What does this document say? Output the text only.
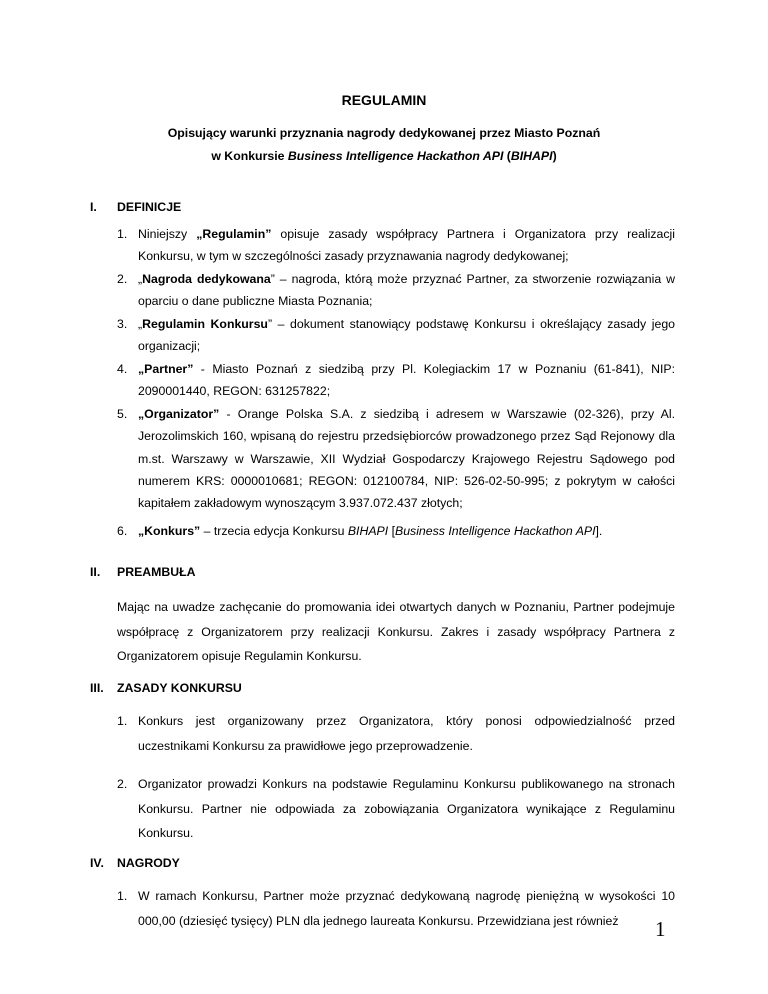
REGULAMIN
Opisujący warunki przyznania nagrody dedykowanej przez Miasto Poznań
w Konkursie Business Intelligence Hackathon API (BIHAPI)
I. DEFINICJE
1. Niniejszy „Regulamin” opisuje zasady współpracy Partnera i Organizatora przy realizacji Konkursu, w tym w szczególności zasady przyznawania nagrody dedykowanej;
2. „Nagroda dedykowana” – nagroda, którą może przyznać Partner, za stworzenie rozwiązania w oparciu o dane publiczne Miasta Poznania;
3. „Regulamin Konkursu” – dokument stanowiący podstawę Konkursu i określający zasady jego organizacji;
4. „Partner” - Miasto Poznań z siedzibą przy Pl. Kolegiackim 17 w Poznaniu (61-841), NIP: 2090001440, REGON: 631257822;
5. „Organizator” - Orange Polska S.A. z siedzibą i adresem w Warszawie (02-326), przy Al. Jerozolimskich 160, wpisaną do rejestru przedsiębiorców prowadzonego przez Sąd Rejonowy dla m.st. Warszawy w Warszawie, XII Wydział Gospodarczy Krajowego Rejestru Sądowego pod numerem KRS: 0000010681; REGON: 012100784, NIP: 526-02-50-995; z pokrytym w całości kapitałem zakładowym wynoszącym 3.937.072.437 złotych;
6. „Konkurs” – trzecia edycja Konkursu BIHAPI [Business Intelligence Hackathon API].
II. PREAMBUŁA
Mając na uwadze zachęcanie do promowania idei otwartych danych w Poznaniu, Partner podejmuje współpracę z Organizatorem przy realizacji Konkursu. Zakres i zasady współpracy Partnera z Organizatorem opisuje Regulamin Konkursu.
III. ZASADY KONKURSU
1. Konkurs jest organizowany przez Organizatora, który ponosi odpowiedzialność przed uczestnikami Konkursu za prawidłowe jego przeprowadzenie.
2. Organizator prowadzi Konkurs na podstawie Regulaminu Konkursu publikowanego na stronach Konkursu. Partner nie odpowiada za zobowiązania Organizatora wynikające z Regulaminu Konkursu.
IV. NAGRODY
1. W ramach Konkursu, Partner może przyznać dedykowaną nagrodę pieniężną w wysokości 10 000,00 (dziesięć tysięcy) PLN dla jednego laureata Konkursu. Przewidziana jest również	1
